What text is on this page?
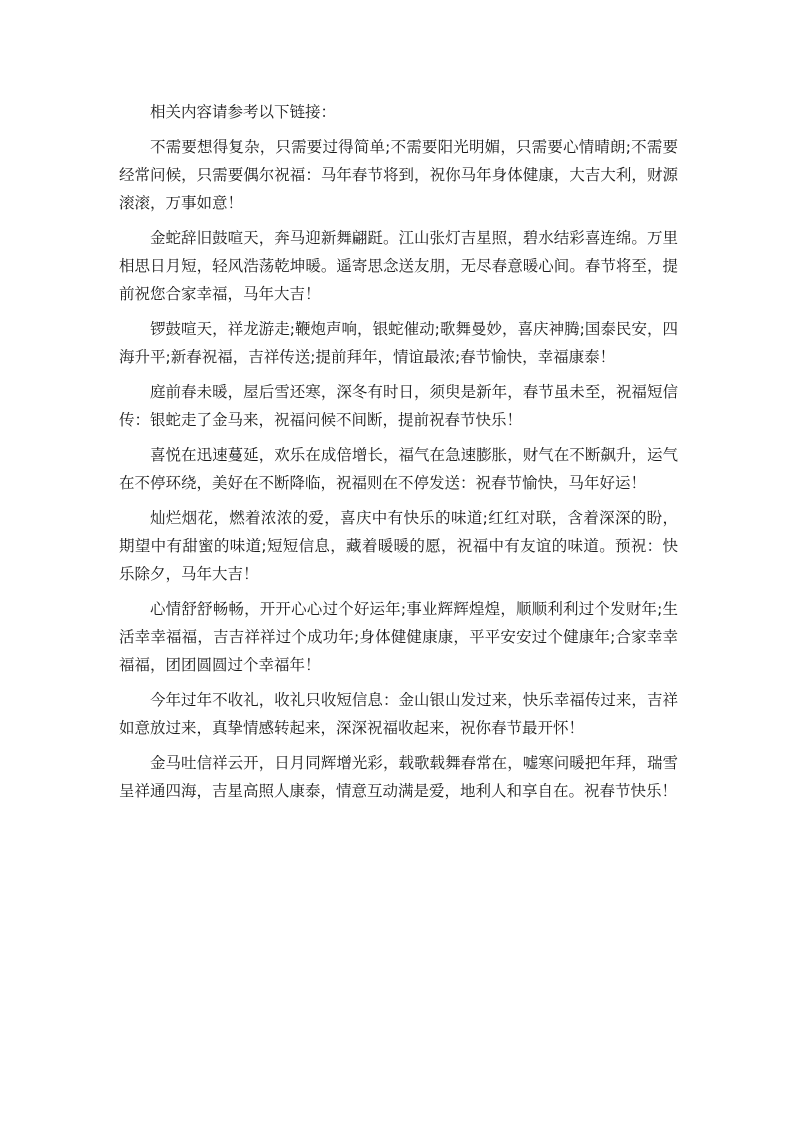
相关内容请参考以下链接：

不需要想得复杂，只需要过得简单;不需要阳光明媚，只需要心情晴朗;不需要经常问候，只需要偶尔祝福：马年春节将到，祝你马年身体健康，大吉大利，财源滚滚，万事如意！

金蛇辞旧鼓喧天，奔马迎新舞翩跹。江山张灯吉星照，碧水结彩喜连绵。万里相思日月短，轻风浩荡乾坤暖。遥寄思念送友朋，无尽春意暖心间。春节将至，提前祝您合家幸福，马年大吉！

锣鼓喧天，祥龙游走;鞭炮声响，银蛇催动;歌舞曼妙，喜庆神腾;国泰民安，四海升平;新春祝福，吉祥传送;提前拜年，情谊最浓;春节愉快，幸福康泰！

庭前春未暖，屋后雪还寒，深冬有时日，须臾是新年，春节虽未至，祝福短信传：银蛇走了金马来，祝福问候不间断，提前祝春节快乐！

喜悦在迅速蔓延，欢乐在成倍增长，福气在急速膨胀，财气在不断飙升，运气在不停环绕，美好在不断降临，祝福则在不停发送：祝春节愉快，马年好运！

灿烂烟花，燃着浓浓的爱，喜庆中有快乐的味道;红红对联，含着深深的盼，期望中有甜蜜的味道;短短信息，藏着暖暖的愿，祝福中有友谊的味道。预祝：快乐除夕，马年大吉！

心情舒舒畅畅，开开心心过个好运年;事业辉辉煌煌，顺顺利利过个发财年;生活幸幸福福，吉吉祥祥过个成功年;身体健健康康，平平安安过个健康年;合家幸幸福福，团团圆圆过个幸福年！

今年过年不收礼，收礼只收短信息：金山银山发过来，快乐幸福传过来，吉祥如意放过来，真挚情感转起来，深深祝福收起来，祝你春节最开怀！

金马吐信祥云开，日月同辉增光彩，载歌载舞春常在，嘘寒问暖把年拜，瑞雪呈祥通四海，吉星高照人康泰，情意互动满是爱，地利人和享自在。祝春节快乐！
